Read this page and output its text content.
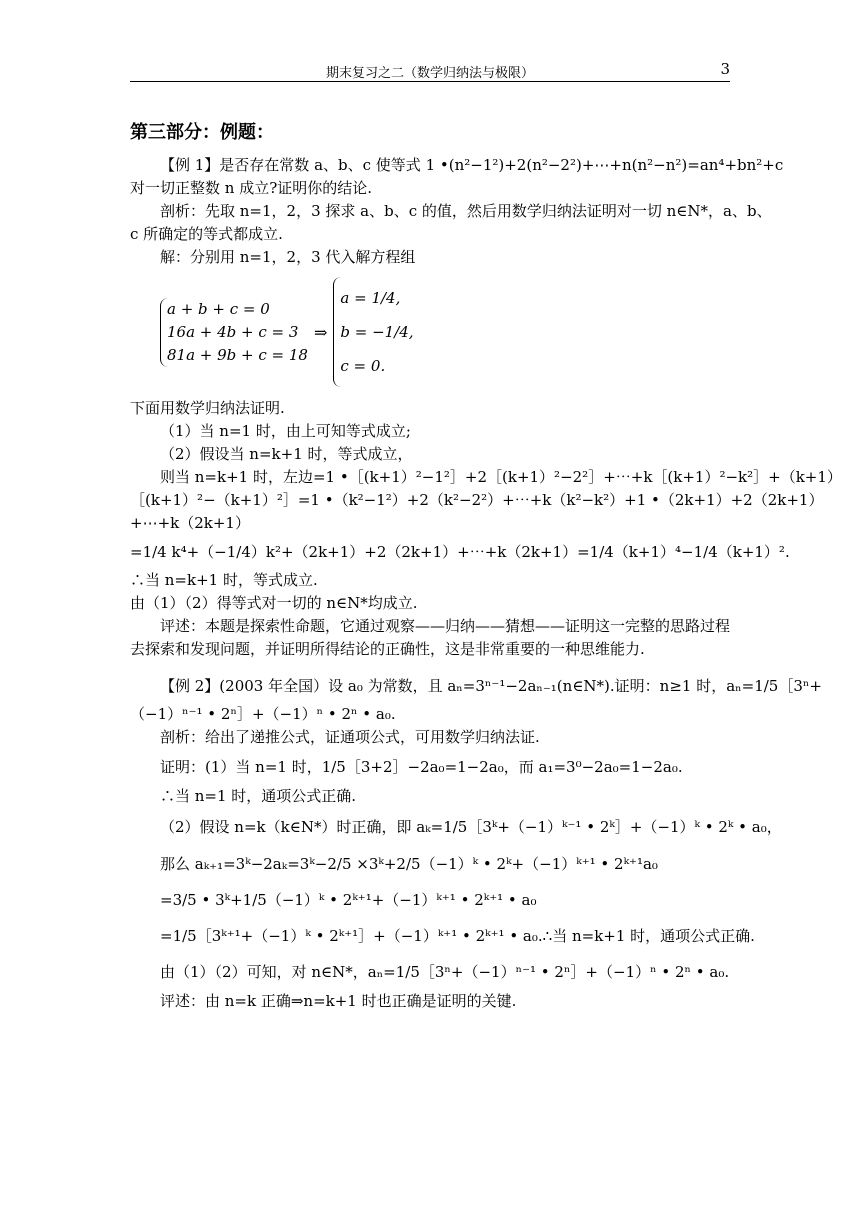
期末复习之二（数学归纳法与极限）	3
第三部分：例题：
【例 1】是否存在常数 a、b、c 使等式 1 •(n²−1²)+2(n²−2²)+⋯+n(n²−n²)=an⁴+bn²+c
对一切正整数 n 成立?证明你的结论.
剖析：先取 n=1，2，3 探求 a、b、c 的值，然后用数学归纳法证明对一切 n∈N*，a、b、
c 所确定的等式都成立.
解：分别用 n=1，2，3 代入解方程组
a + b + c = 0
16a + 4b + c = 3
81a + 9b + c = 18
⇒
a = 1/4,
b = −1/4,
c = 0.
下面用数学归纳法证明.
（1）当 n=1 时，由上可知等式成立;
（2）假设当 n=k+1 时，等式成立，
则当 n=k+1 时，左边=1 •［(k+1）²−1²］+2［(k+1）²−2²］+⋯+k［(k+1）²−k²］+（k+1）
［(k+1）²−（k+1）²］=1 •（k²−1²）+2（k²−2²）+⋯+k（k²−k²）+1 •（2k+1）+2（2k+1）
+⋯+k（2k+1）
=1/4 k⁴+（−1/4）k²+（2k+1）+2（2k+1）+⋯+k（2k+1）=1/4（k+1）⁴−1/4（k+1）².
∴当 n=k+1 时，等式成立.
由（1）（2）得等式对一切的 n∈N*均成立.
评述：本题是探索性命题，它通过观察——归纳——猜想——证明这一完整的思路过程
去探索和发现问题，并证明所得结论的正确性，这是非常重要的一种思维能力.
【例 2】(2003 年全国）设 a₀ 为常数，且 aₙ=3ⁿ⁻¹−2aₙ₋₁(n∈N*).证明：n≥1 时，aₙ=1/5［3ⁿ+
（−1）ⁿ⁻¹ • 2ⁿ］+（−1）ⁿ • 2ⁿ • a₀.
剖析：给出了递推公式，证通项公式，可用数学归纳法证.
证明：(1）当 n=1 时，1/5［3+2］−2a₀=1−2a₀，而 a₁=3⁰−2a₀=1−2a₀.
∴当 n=1 时，通项公式正确.
（2）假设 n=k（k∈N*）时正确，即 aₖ=1/5［3ᵏ+（−1）ᵏ⁻¹ • 2ᵏ］+（−1）ᵏ • 2ᵏ • a₀，
那么 aₖ₊₁=3ᵏ−2aₖ=3ᵏ−2/5 ×3ᵏ+2/5（−1）ᵏ • 2ᵏ+（−1）ᵏ⁺¹ • 2ᵏ⁺¹a₀
=3/5 • 3ᵏ+1/5（−1）ᵏ • 2ᵏ⁺¹+（−1）ᵏ⁺¹ • 2ᵏ⁺¹ • a₀
=1/5［3ᵏ⁺¹+（−1）ᵏ • 2ᵏ⁺¹］+（−1）ᵏ⁺¹ • 2ᵏ⁺¹ • a₀.∴当 n=k+1 时，通项公式正确.
由（1）（2）可知，对 n∈N*，aₙ=1/5［3ⁿ+（−1）ⁿ⁻¹ • 2ⁿ］+（−1）ⁿ • 2ⁿ • a₀.
评述：由 n=k 正确⇒n=k+1 时也正确是证明的关键.
